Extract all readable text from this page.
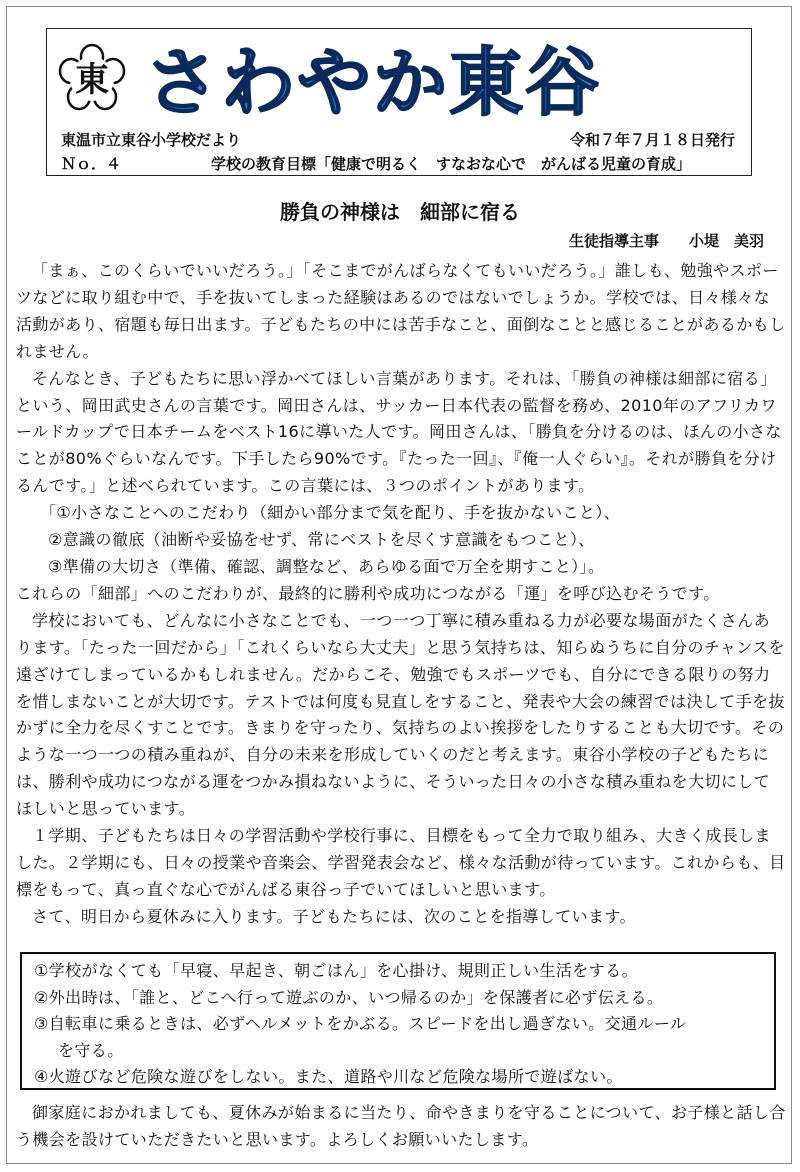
東 さわやか東谷
東温市立東谷小学校だより	令和７年７月１８日発行
Ｎｏ．４	学校の教育目標「健康で明るく　すなおな心で　がんばる児童の育成」
勝負の神様は　細部に宿る
生徒指導主事　　小堤　美羽

「まぁ、このくらいでいいだろう。」「そこまでがんばらなくてもいいだろう。」誰しも、勉強やスポーツなどに取り組む中で、手を抜いてしまった経験はあるのではないでしょうか。学校では、日々様々な活動があり、宿題も毎日出ます。子どもたちの中には苦手なこと、面倒なことと感じることがあるかもしれません。

そんなとき、子どもたちに思い浮かべてほしい言葉があります。それは、「勝負の神様は細部に宿る」という、岡田武史さんの言葉です。岡田さんは、サッカー日本代表の監督を務め、2010年のアフリカワールドカップで日本チームをベスト16に導いた人です。岡田さんは、「勝負を分けるのは、ほんの小さなことが80%ぐらいなんです。下手したら90%です。『たった一回』、『俺一人ぐらい』。それが勝負を分けるんです。」と述べられています。この言葉には、３つのポイントがあります。

「①小さなことへのこだわり（細かい部分まで気を配り、手を抜かないこと）、

②意識の徹底（油断や妥協をせず、常にベストを尽くす意識をもつこと）、

③準備の大切さ（準備、確認、調整など、あらゆる面で万全を期すこと）」。

これらの「細部」へのこだわりが、最終的に勝利や成功につながる「運」を呼び込むそうです。

学校においても、どんなに小さなことでも、一つ一つ丁寧に積み重ねる力が必要な場面がたくさんあります。「たった一回だから」「これくらいなら大丈夫」と思う気持ちは、知らぬうちに自分のチャンスを遠ざけてしまっているかもしれません。だからこそ、勉強でもスポーツでも、自分にできる限りの努力を惜しまないことが大切です。テストでは何度も見直しをすること、発表や大会の練習では決して手を抜かずに全力を尽くすことです。きまりを守ったり、気持ちのよい挨拶をしたりすることも大切です。そのような一つ一つの積み重ねが、自分の未来を形成していくのだと考えます。東谷小学校の子どもたちには、勝利や成功につながる運をつかみ損ねないように、そういった日々の小さな積み重ねを大切にしてほしいと思っています。

１学期、子どもたちは日々の学習活動や学校行事に、目標をもって全力で取り組み、大きく成長しました。２学期にも、日々の授業や音楽会、学習発表会など、様々な活動が待っています。これからも、目標をもって、真っ直ぐな心でがんばる東谷っ子でいてほしいと思います。

さて、明日から夏休みに入ります。子どもたちには、次のことを指導しています。

①学校がなくても「早寝、早起き、朝ごはん」を心掛け、規則正しい生活をする。

②外出時は、「誰と、どこへ行って遊ぶのか、いつ帰るのか」を保護者に必ず伝える。

③自転車に乗るときは、必ずヘルメットをかぶる。スピードを出し過ぎない。交通ルール

を守る。

④火遊びなど危険な遊びをしない。また、道路や川など危険な場所で遊ばない。

御家庭におかれましても、夏休みが始まるに当たり、命やきまりを守ることについて、お子様と話し合う機会を設けていただきたいと思います。よろしくお願いいたします。
